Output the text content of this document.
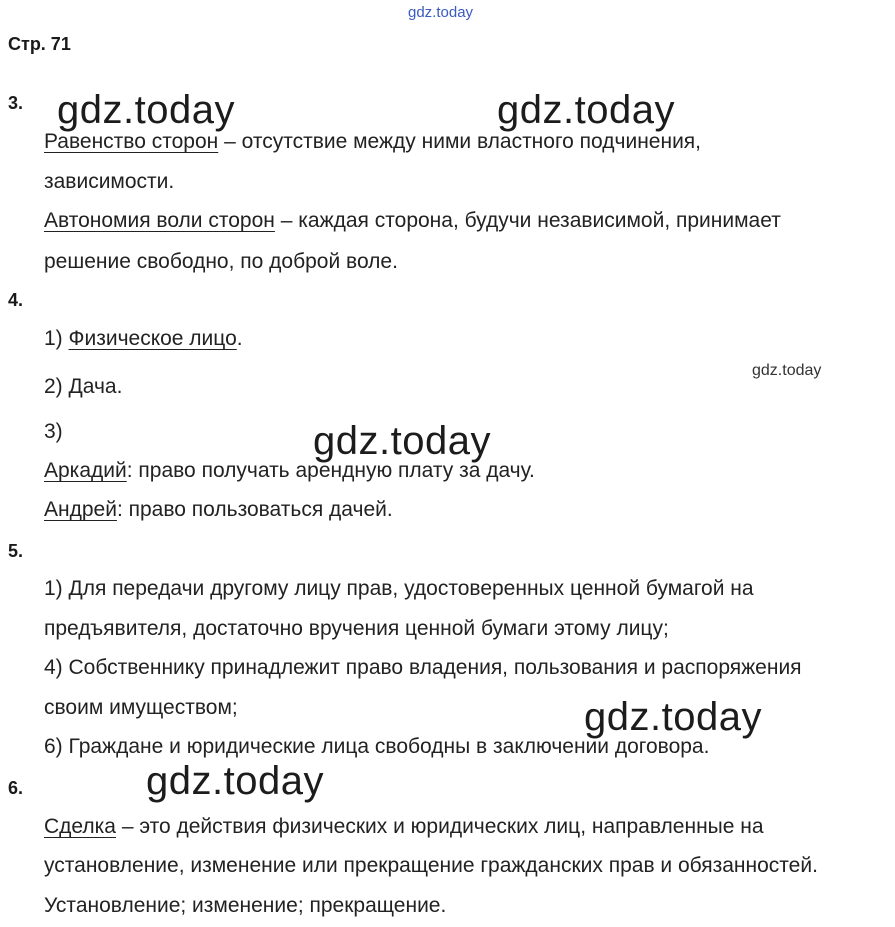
gdz.today
Стр. 71
3. gdz.today	gdz.today
Равенство сторон – отсутствие между ними властного подчинения,
зависимости.
Автономия воли сторон – каждая сторона, будучи независимой, принимает
решение свободно, по доброй воле.
4.
1) Физическое лицо.
2) Дача.
gdz.today
3)	gdz.today
Аркадий: право получать арендную плату за дачу.
Андрей: право пользоваться дачей.
5.
1) Для передачи другому лицу прав, удостоверенных ценной бумагой на
предъявителя, достаточно вручения ценной бумаги этому лицу;
4) Собственнику принадлежит право владения, пользования и распоряжения
своим имуществом;	gdz.today
6) Граждане и юридические лица свободны в заключении договора.
6.	gdz.today
Сделка – это действия физических и юридических лиц, направленные на
установление, изменение или прекращение гражданских прав и обязанностей.
Установление; изменение; прекращение.
